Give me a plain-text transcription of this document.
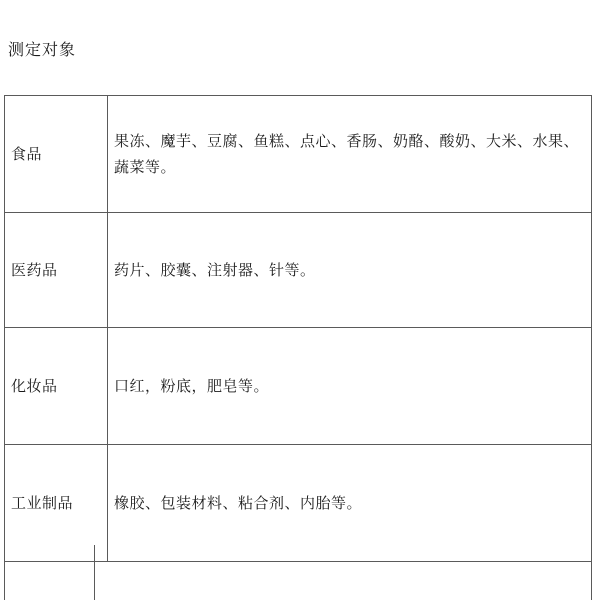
测定对象
食品	果冻、魔芋、豆腐、鱼糕、点心、香肠、奶酪、酸奶、大米、水果、蔬菜等。
医药品	药片、胶囊、注射器、针等。
化妆品	口红，粉底，肥皂等。
工业制品	橡胶、包装材料、粘合剂、内胎等。
